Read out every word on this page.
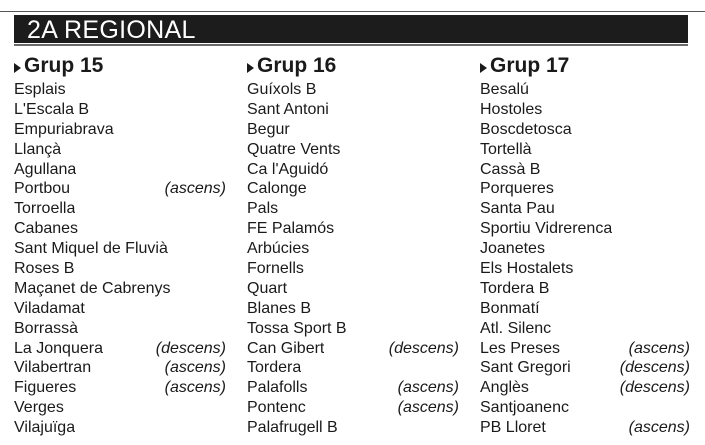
2A REGIONAL
Grup 15
Esplais
L'Escala B
Empuriabrava
Llançà
Agullana
Portbou	(ascens)
Torroella
Cabanes
Sant Miquel de Fluvià
Roses B
Maçanet de Cabrenys
Viladamat
Borrassà
La Jonquera	(descens)
Vilabertran	(ascens)
Figueres	(ascens)
Verges
Vilajuïga
Grup 16
Guíxols B
Sant Antoni
Begur
Quatre Vents
Ca l'Aguidó
Calonge
Pals
FE Palamós
Arbúcies
Fornells
Quart
Blanes B
Tossa Sport B
Can Gibert	(descens)
Tordera
Palafolls	(ascens)
Pontenc	(ascens)
Palafrugell B
Grup 17
Besalú
Hostoles
Boscdetosca
Tortellà
Cassà B
Porqueres
Santa Pau
Sportiu Vidrerenca
Joanetes
Els Hostalets
Tordera B
Bonmatí
Atl. Silenc
Les Preses	(ascens)
Sant Gregori	(descens)
Anglès	(descens)
Santjoanenc
PB Lloret	(ascens)
